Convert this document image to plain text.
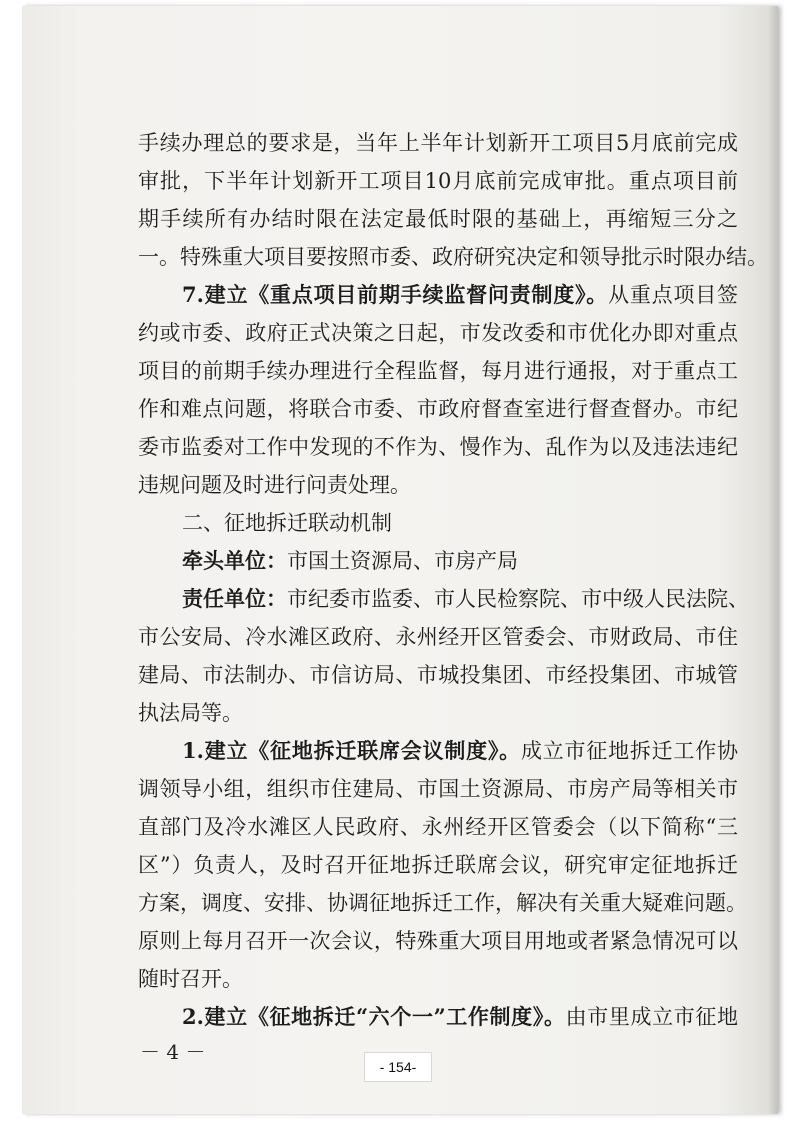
手续办理总的要求是，当年上半年计划新开工项目5月底前完成
审批，下半年计划新开工项目10月底前完成审批。重点项目前
期手续所有办结时限在法定最低时限的基础上，再缩短三分之
一。特殊重大项目要按照市委、政府研究决定和领导批示时限办结。
7.建立《重点项目前期手续监督问责制度》。从重点项目签
约或市委、政府正式决策之日起，市发改委和市优化办即对重点
项目的前期手续办理进行全程监督，每月进行通报，对于重点工
作和难点问题，将联合市委、市政府督查室进行督查督办。市纪
委市监委对工作中发现的不作为、慢作为、乱作为以及违法违纪
违规问题及时进行问责处理。
二、征地拆迁联动机制
牵头单位：市国土资源局、市房产局
责任单位：市纪委市监委、市人民检察院、市中级人民法院、
市公安局、冷水滩区政府、永州经开区管委会、市财政局、市住
建局、市法制办、市信访局、市城投集团、市经投集团、市城管
执法局等。
1.建立《征地拆迁联席会议制度》。成立市征地拆迁工作协
调领导小组，组织市住建局、市国土资源局、市房产局等相关市
直部门及冷水滩区人民政府、永州经开区管委会（以下简称“三
区”）负责人，及时召开征地拆迁联席会议，研究审定征地拆迁
方案，调度、安排、协调征地拆迁工作，解决有关重大疑难问题。
原则上每月召开一次会议，特殊重大项目用地或者紧急情况可以
随时召开。
2.建立《征地拆迁“六个一”工作制度》。由市里成立市征地
－ 4 －
- 154-
